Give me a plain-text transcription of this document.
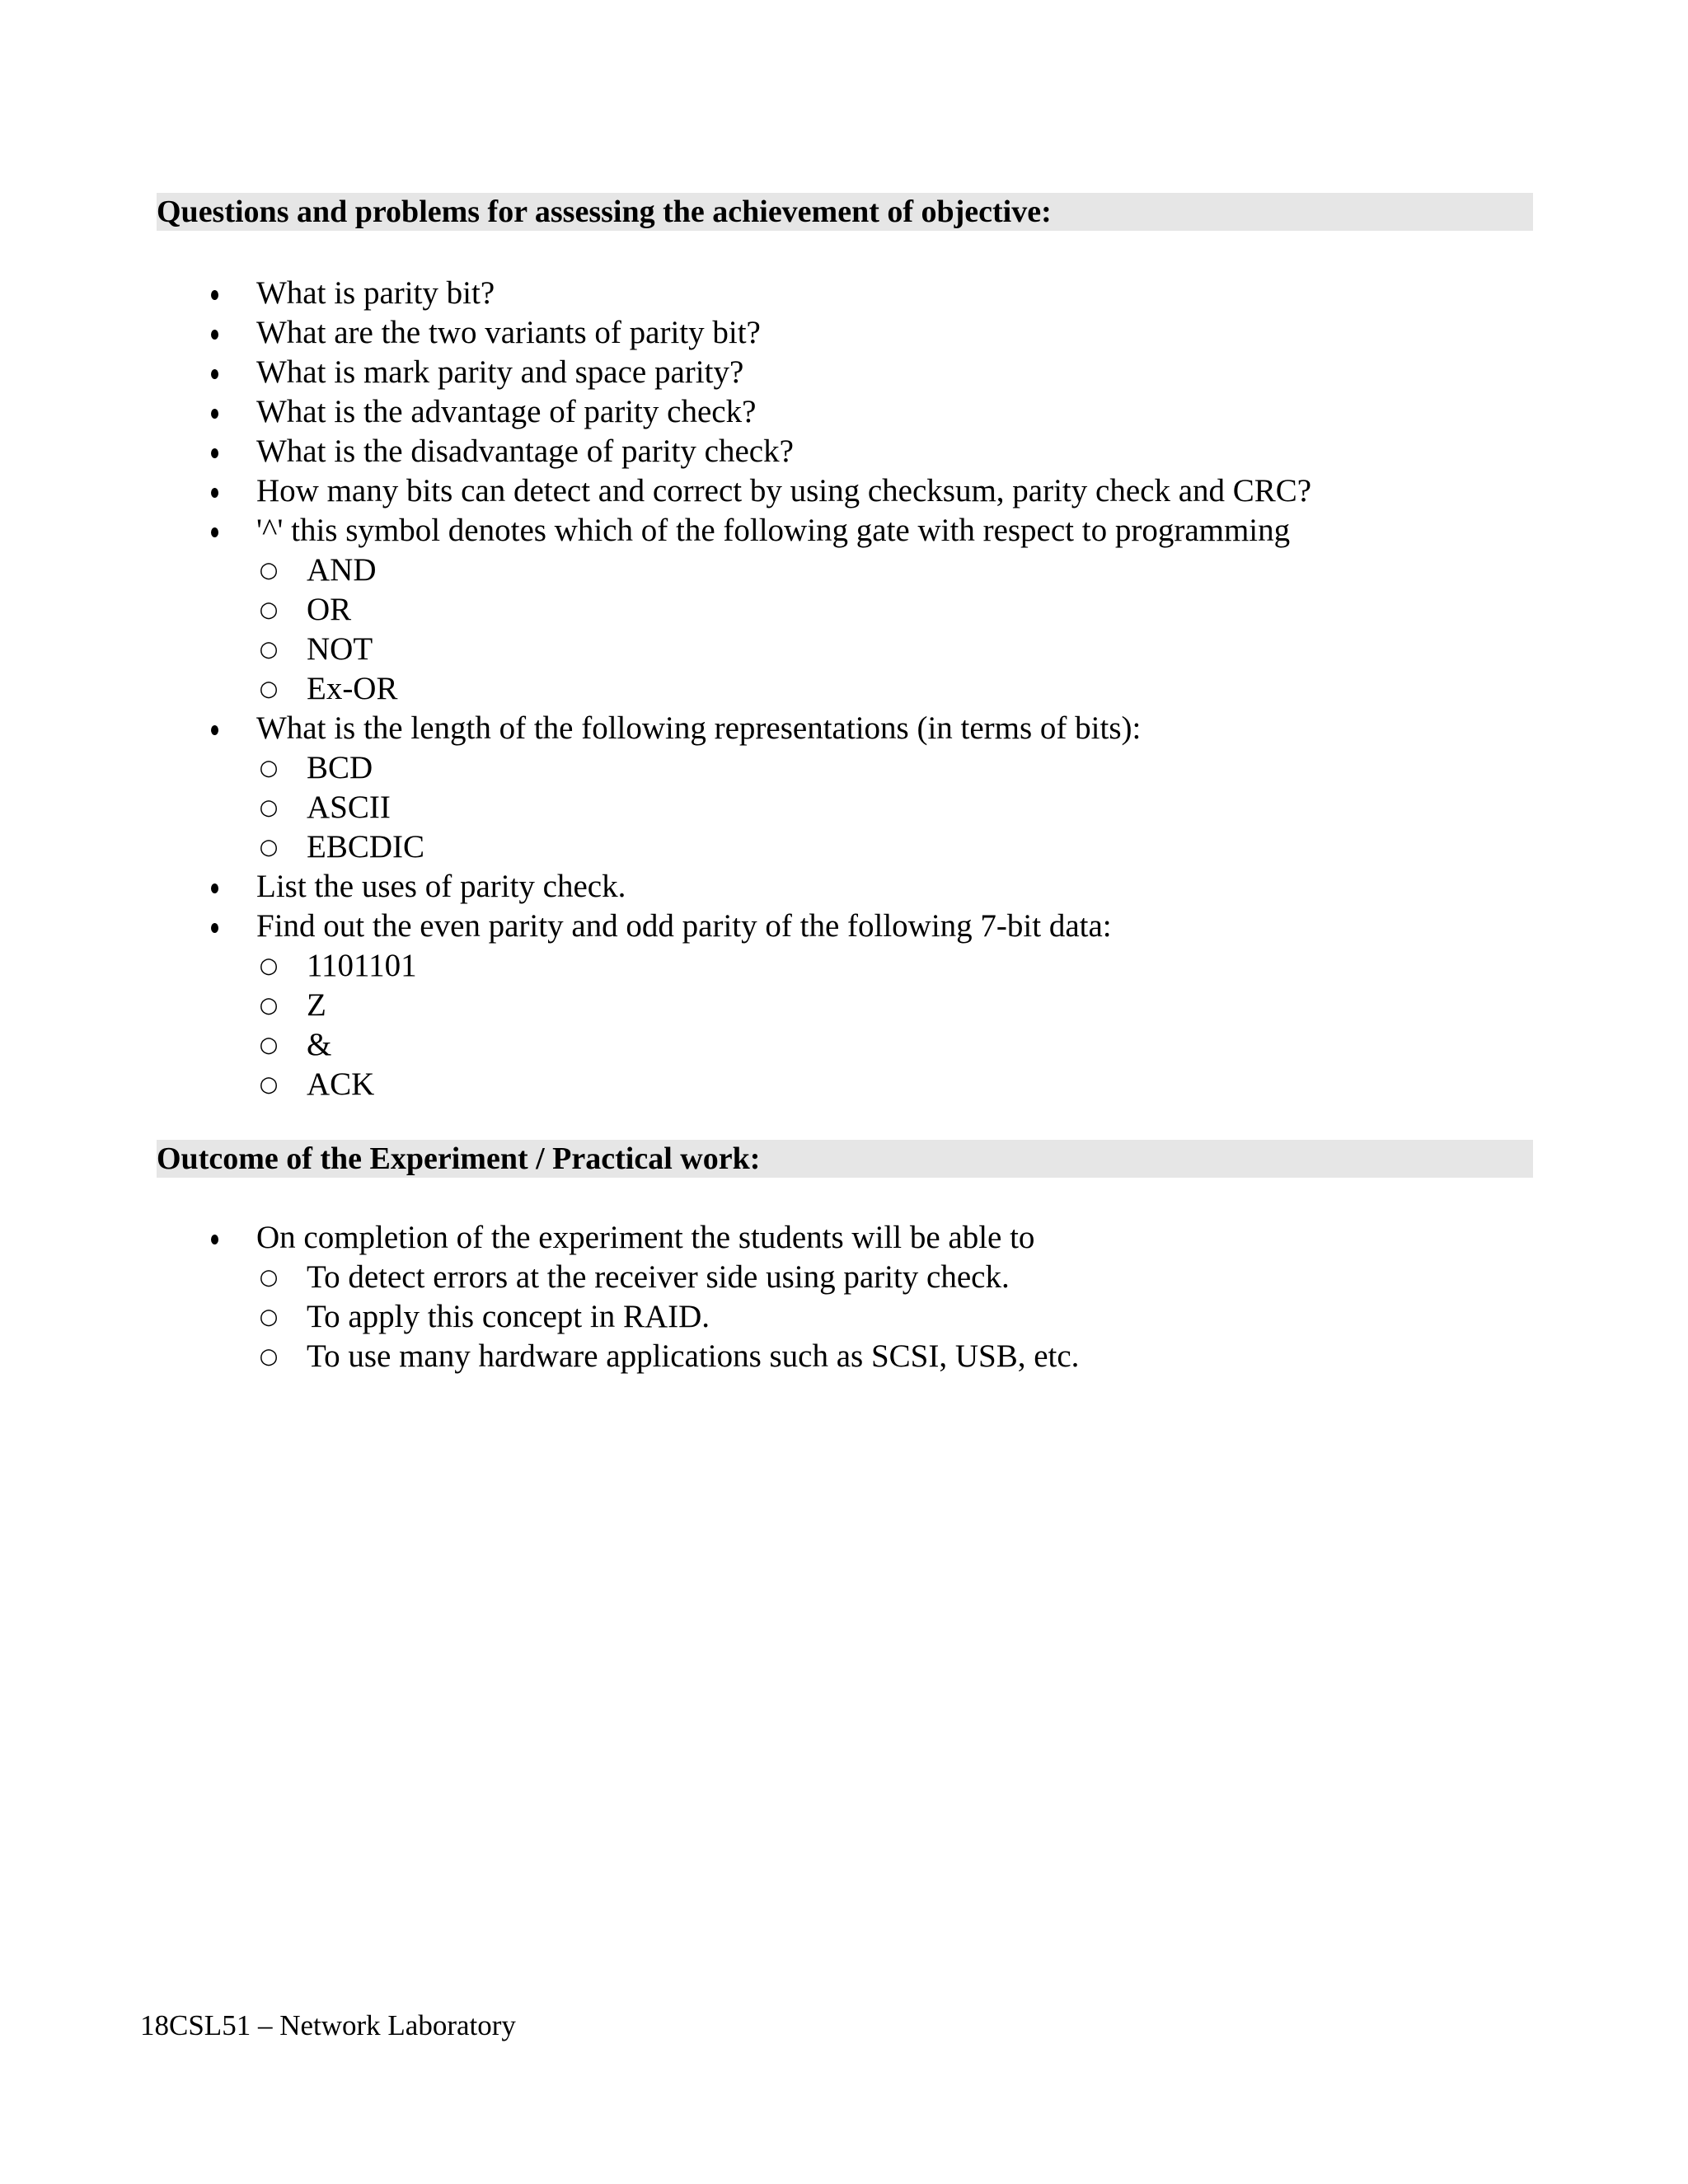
Questions and problems for assessing the achievement of objective:
What is parity bit?
What are the two variants of parity bit?
What is mark parity and space parity?
What is the advantage of parity check?
What is the disadvantage of parity check?
How many bits can detect and correct by using checksum, parity check and CRC?
'^' this symbol denotes which of the following gate with respect to programming
○ AND
○ OR
○ NOT
○ Ex-OR
What is the length of the following representations (in terms of bits):
○ BCD
○ ASCII
○ EBCDIC
List the uses of parity check.
Find out the even parity and odd parity of the following 7-bit data:
○ 1101101
○ Z
○ &
○ ACK
Outcome of the Experiment / Practical work:
On completion of the experiment the students will be able to
○ To detect errors at the receiver side using parity check.
○ To apply this concept in RAID.
○ To use many hardware applications such as SCSI, USB, etc.
18CSL51 – Network Laboratory
